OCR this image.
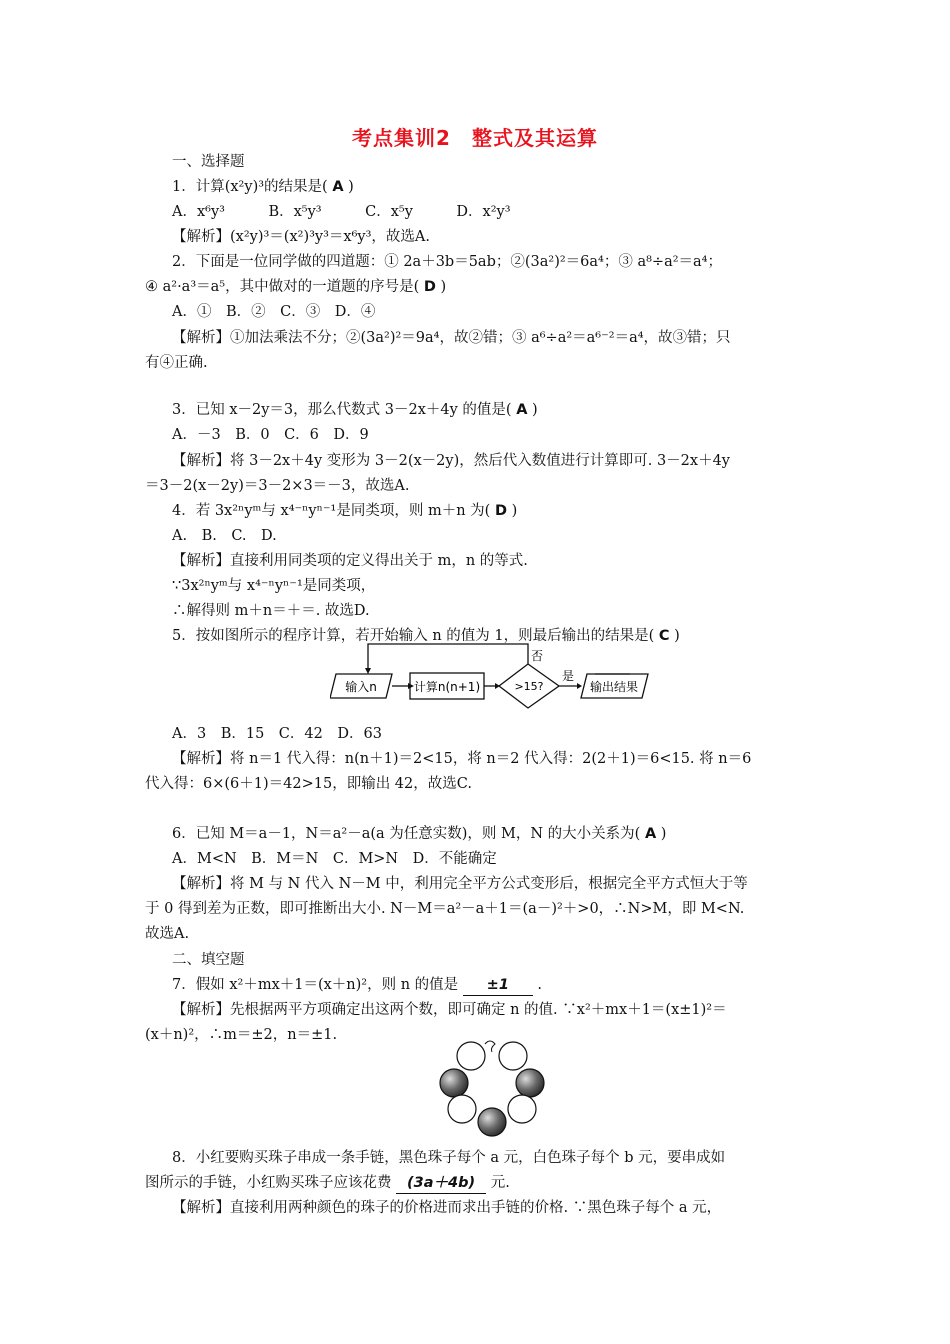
考点集训2　整式及其运算
一、选择题
1．计算(x²y)³的结果是( A )
A．x⁶y³　　　B．x⁵y³　　　C．x⁵y　　　D．x²y³
【解析】(x²y)³＝(x²)³y³＝x⁶y³，故选A.
2．下面是一位同学做的四道题：① 2a＋3b＝5ab；②(3a²)²＝6a⁴；③ a⁸÷a²＝a⁴；
④ a²·a³＝a⁵，其中做对的一道题的序号是( D )
A．①　B．②　C．③　D．④
【解析】①加法乘法不分；②(3a²)²＝9a⁴，故②错；③ a⁶÷a²＝a⁶⁻²＝a⁴，故③错；只
有④正确.
3．已知 x－2y＝3，那么代数式 3－2x＋4y 的值是( A )
A．－3　B．0　C．6　D．9
【解析】将 3－2x＋4y 变形为 3－2(x－2y)，然后代入数值进行计算即可. 3－2x＋4y
＝3－2(x－2y)＝3－2×3＝－3，故选A.
4．若 3x²ⁿyᵐ与 x⁴⁻ⁿyⁿ⁻¹是同类项，则 m＋n 为( D )
A.　B.　C.　D.
【解析】直接利用同类项的定义得出关于 m，n 的等式.
∵3x²ⁿyᵐ与 x⁴⁻ⁿyⁿ⁻¹是同类项，
∴解得则 m＋n＝＋＝. 故选D.
5．按如图所示的程序计算，若开始输入 n 的值为 1，则最后输出的结果是( C )
输入n	计算n(n+1)	>15?	输出结果
是
否
A．3　B．15　C．42　D．63
【解析】将 n＝1 代入得：n(n＋1)＝2<15，将 n＝2 代入得：2(2＋1)＝6<15. 将 n＝6
代入得：6×(6＋1)＝42>15，即输出 42，故选C.
6．已知 M＝a－1，N＝a²－a(a 为任意实数)，则 M，N 的大小关系为( A )
A．M<N　B．M＝N　C．M>N　D．不能确定
【解析】将 M 与 N 代入 N－M 中，利用完全平方公式变形后，根据完全平方式恒大于等
于 0 得到差为正数，即可推断出大小. N－M＝a²－a＋1＝(a－)²＋>0，∴N>M，即 M<N.
故选A.
二、填空题
7．假如 x²＋mx＋1＝(x＋n)²，则 n 的值是 ±1 .
【解析】先根据两平方项确定出这两个数，即可确定 n 的值. ∵x²＋mx＋1＝(x±1)²＝
(x＋n)²，∴m＝±2，n＝±1.
8．小红要购买珠子串成一条手链，黑色珠子每个 a 元，白色珠子每个 b 元，要串成如
图所示的手链，小红购买珠子应该花费 (3a＋4b) 元.
【解析】直接利用两种颜色的珠子的价格进而求出手链的价格. ∵黑色珠子每个 a 元，
